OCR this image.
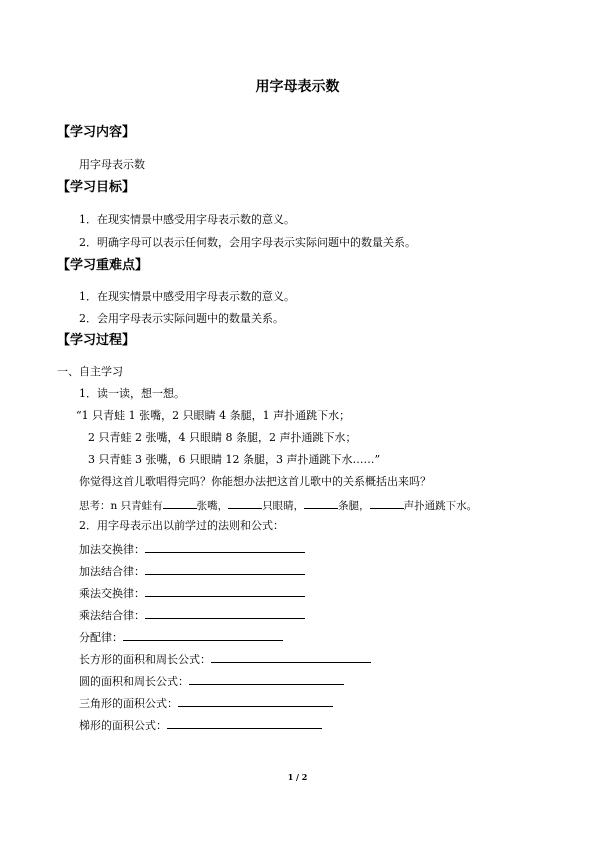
用字母表示数
【学习内容】
用字母表示数
【学习目标】
1．在现实情景中感受用字母表示数的意义。
2．明确字母可以表示任何数，会用字母表示实际问题中的数量关系。
【学习重难点】
1．在现实情景中感受用字母表示数的意义。
2．会用字母表示实际问题中的数量关系。
【学习过程】
一、自主学习
1．读一读，想一想。
“1 只青蛙 1 张嘴，2 只眼睛 4 条腿，1 声扑通跳下水；
2 只青蛙 2 张嘴，4 只眼睛 8 条腿，2 声扑通跳下水；
3 只青蛙 3 张嘴，6 只眼睛 12 条腿，3 声扑通跳下水……”
你觉得这首儿歌唱得完吗？你能想办法把这首儿歌中的关系概括出来吗？
思考：n 只青蛙有	张嘴，	只眼睛，	条腿，	声扑通跳下水。
2．用字母表示出以前学过的法则和公式：
加法交换律：
加法结合律：
乘法交换律：
乘法结合律：
分配律：
长方形的面积和周长公式：
圆的面积和周长公式：
三角形的面积公式：
梯形的面积公式：
1 / 2
